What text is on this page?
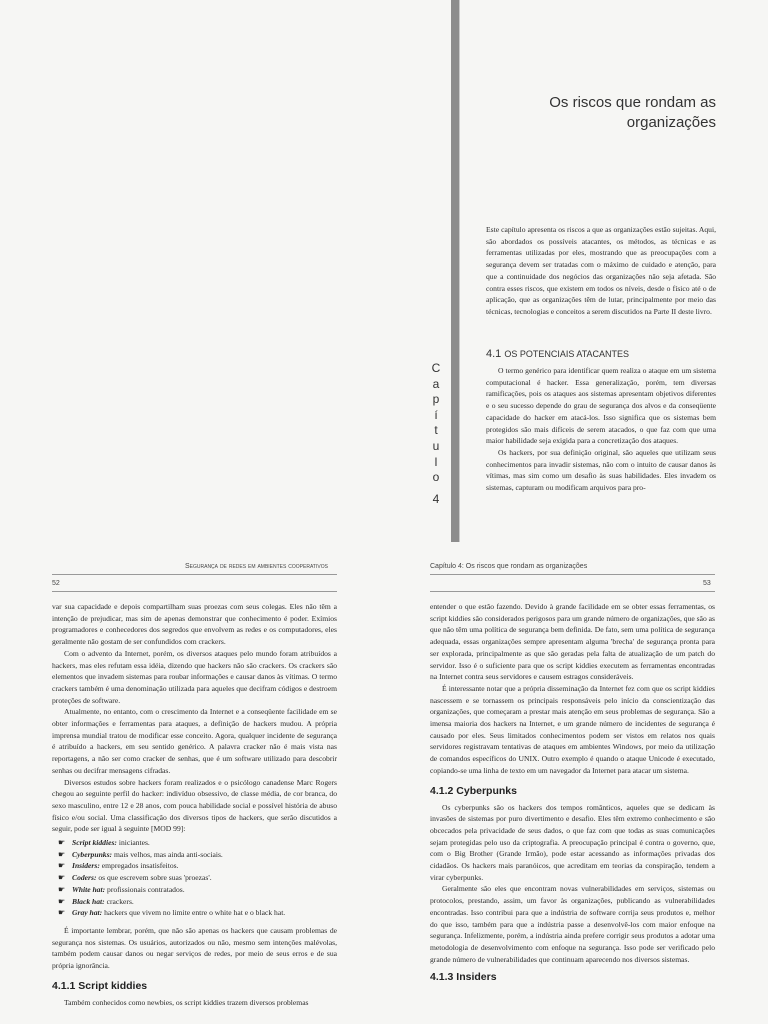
Os riscos que rondam as organizações
C
a
p
í
t
u
l
o
4

Este capítulo apresenta os riscos a que as organizações estão sujeitas. Aqui, são abordados os possíveis atacantes, os métodos, as técnicas e as ferramentas utilizadas por eles, mostrando que as preocupações com a segurança devem ser tratadas com o máximo de cuidado e atenção, para que a continuidade dos negócios das organizações não seja afetada. São contra esses riscos, que existem em todos os níveis, desde o físico até o de aplicação, que as organizações têm de lutar, principalmente por meio das técnicas, tecnologias e conceitos a serem discutidos na Parte II deste livro.

4.1 OS POTENCIAIS ATACANTES

O termo genérico para identificar quem realiza o ataque em um sistema computacional é hacker. Essa generalização, porém, tem diversas ramificações, pois os ataques aos sistemas apresentam objetivos diferentes e o seu sucesso depende do grau de segurança dos alvos e da conseqüente capacidade do hacker em atacá-los. Isso significa que os sistemas bem protegidos são mais difíceis de serem atacados, o que faz com que uma maior habilidade seja exigida para a concretização dos ataques.

Os hackers, por sua definição original, são aqueles que utilizam seus conhecimentos para invadir sistemas, não com o intuito de causar danos às vítimas, mas sim como um desafio às suas habilidades. Eles invadem os sistemas, capturam ou modificam arquivos para pro-

Segurança de redes em ambientes cooperativos
52

var sua capacidade e depois compartilham suas proezas com seus colegas. Eles não têm a intenção de prejudicar, mas sim de apenas demonstrar que conhecimento é poder. Exímios programadores e conhecedores dos segredos que envolvem as redes e os computadores, eles geralmente não gostam de ser confundidos com crackers.

Com o advento da Internet, porém, os diversos ataques pelo mundo foram atribuídos a hackers, mas eles refutam essa idéia, dizendo que hackers não são crackers. Os crackers são elementos que invadem sistemas para roubar informações e causar danos às vítimas. O termo crackers também é uma denominação utilizada para aqueles que decifram códigos e destroem proteções de software.

Atualmente, no entanto, com o crescimento da Internet e a conseqüente facilidade em se obter informações e ferramentas para ataques, a definição de hackers mudou. A própria imprensa mundial tratou de modificar esse conceito. Agora, qualquer incidente de segurança é atribuído a hackers, em seu sentido genérico. A palavra cracker não é mais vista nas reportagens, a não ser como cracker de senhas, que é um software utilizado para descobrir senhas ou decifrar mensagens cifradas.

Diversos estudos sobre hackers foram realizados e o psicólogo canadense Marc Rogers chegou ao seguinte perfil do hacker: indivíduo obsessivo, de classe média, de cor branca, do sexo masculino, entre 12 e 28 anos, com pouca habilidade social e possível história de abuso físico e/ou social. Uma classificação dos diversos tipos de hackers, que serão discutidos a seguir, pode ser igual à seguinte [MOD 99]:

☛ Script kiddies: iniciantes.
☛ Cyberpunks: mais velhos, mas ainda anti-sociais.
☛ Insiders: empregados insatisfeitos.
☛ Coders: os que escrevem sobre suas 'proezas'.
☛ White hat: profissionais contratados.
☛ Black hat: crackers.
☛ Gray hat: hackers que vivem no limite entre o white hat e o black hat.

É importante lembrar, porém, que não são apenas os hackers que causam problemas de segurança nos sistemas. Os usuários, autorizados ou não, mesmo sem intenções malévolas, também podem causar danos ou negar serviços de redes, por meio de seus erros e de sua própria ignorância.

4.1.1 Script kiddies

Também conhecidos como newbies, os script kiddies trazem diversos problemas

Capítulo 4: Os riscos que rondam as organizações
53

entender o que estão fazendo. Devido à grande facilidade em se obter essas ferramentas, os script kiddies são considerados perigosos para um grande número de organizações, que são as que não têm uma política de segurança bem definida. De fato, sem uma política de segurança adequada, essas organizações sempre apresentam alguma 'brecha' de segurança pronta para ser explorada, principalmente as que são geradas pela falta de atualização de um patch do servidor. Isso é o suficiente para que os script kiddies executem as ferramentas encontradas na Internet contra seus servidores e causem estragos consideráveis.

É interessante notar que a própria disseminação da Internet fez com que os script kiddies nascessem e se tornassem os principais responsáveis pelo início da conscientização das organizações, que começaram a prestar mais atenção em seus problemas de segurança. São a imensa maioria dos hackers na Internet, e um grande número de incidentes de segurança é causado por eles. Seus limitados conhecimentos podem ser vistos em relatos nos quais servidores registravam tentativas de ataques em ambientes Windows, por meio da utilização de comandos específicos do UNIX. Outro exemplo é quando o ataque Unicode é executado, copiando-se uma linha de texto em um navegador da Internet para atacar um sistema.

4.1.2 Cyberpunks

Os cyberpunks são os hackers dos tempos românticos, aqueles que se dedicam às invasões de sistemas por puro divertimento e desafio. Eles têm extremo conhecimento e são obcecados pela privacidade de seus dados, o que faz com que todas as suas comunicações sejam protegidas pelo uso da criptografia. A preocupação principal é contra o governo, que, com o Big Brother (Grande Irmão), pode estar acessando as informações privadas dos cidadãos. Os hackers mais paranóicos, que acreditam em teorias da conspiração, tendem a virar cyberpunks.

Geralmente são eles que encontram novas vulnerabilidades em serviços, sistemas ou protocolos, prestando, assim, um favor às organizações, publicando as vulnerabilidades encontradas. Isso contribui para que a indústria de software corrija seus produtos e, melhor do que isso, também para que a indústria passe a desenvolvê-los com maior enfoque na segurança. Infelizmente, porém, a indústria ainda prefere corrigir seus produtos a adotar uma metodologia de desenvolvimento com enfoque na segurança. Isso pode ser verificado pelo grande número de vulnerabilidades que continuam aparecendo nos diversos sistemas.

4.1.3 Insiders
